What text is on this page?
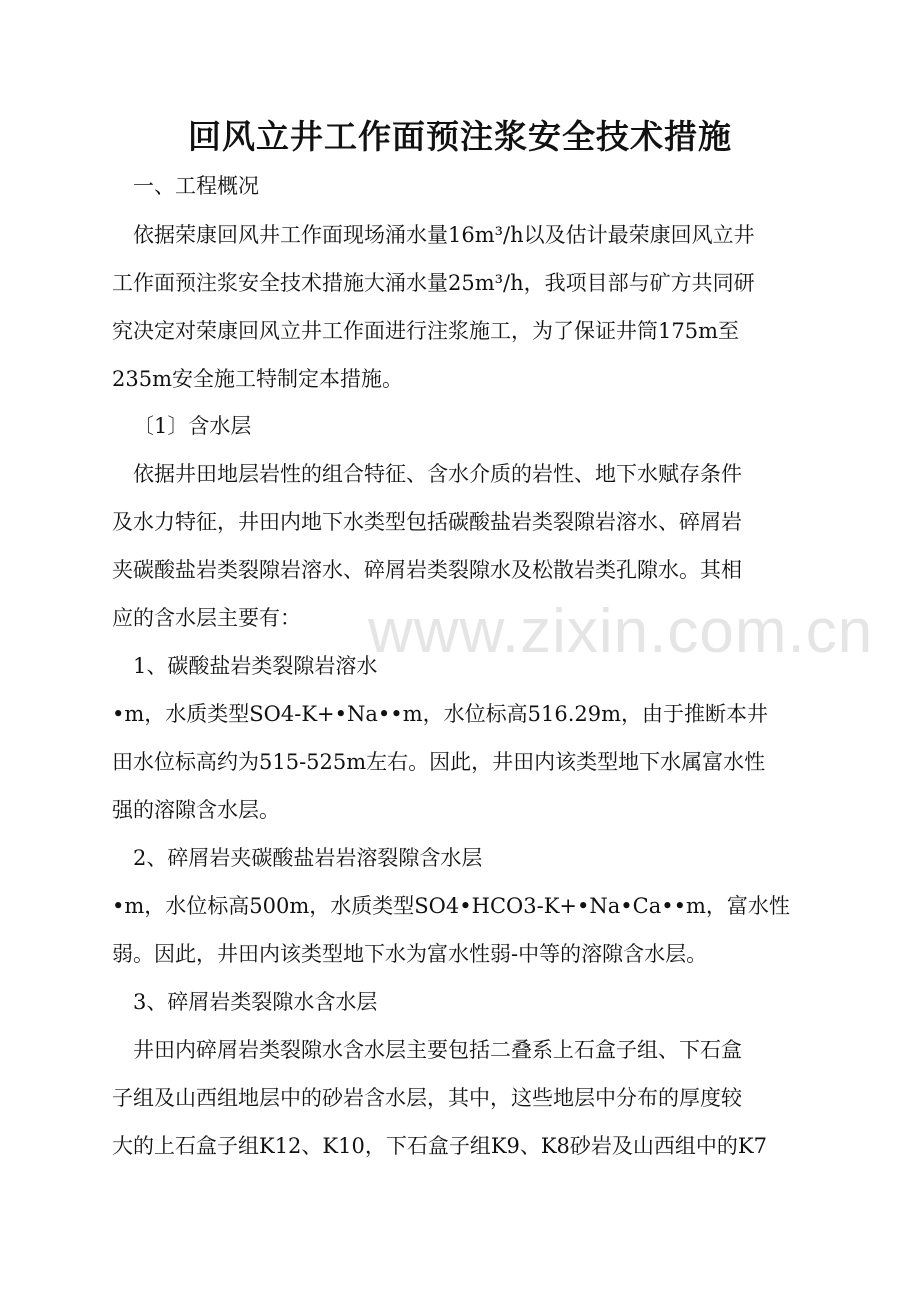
回风立井工作面预注浆安全技术措施
一、工程概况
依据荣康回风井工作面现场涌水量16m³/h以及估计最荣康回风立井
工作面预注浆安全技术措施大涌水量25m³/h，我项目部与矿方共同研
究决定对荣康回风立井工作面进行注浆施工，为了保证井筒175m至
235m安全施工特制定本措施。
〔1〕含水层
依据井田地层岩性的组合特征、含水介质的岩性、地下水赋存条件
及水力特征，井田内地下水类型包括碳酸盐岩类裂隙岩溶水、碎屑岩
夹碳酸盐岩类裂隙岩溶水、碎屑岩类裂隙水及松散岩类孔隙水。其相
应的含水层主要有：
1、碳酸盐岩类裂隙岩溶水
•m，水质类型SO4-K+•Na••m，水位标高516.29m，由于推断本井
田水位标高约为515-525m左右。因此，井田内该类型地下水属富水性
强的溶隙含水层。
2、碎屑岩夹碳酸盐岩岩溶裂隙含水层
•m，水位标高500m，水质类型SO4•HCO3-K+•Na•Ca••m，富水性
弱。因此，井田内该类型地下水为富水性弱-中等的溶隙含水层。
3、碎屑岩类裂隙水含水层
井田内碎屑岩类裂隙水含水层主要包括二叠系上石盒子组、下石盒
子组及山西组地层中的砂岩含水层，其中，这些地层中分布的厚度较
大的上石盒子组K12、K10，下石盒子组K9、K8砂岩及山西组中的K7
www.zixin.com.cn
